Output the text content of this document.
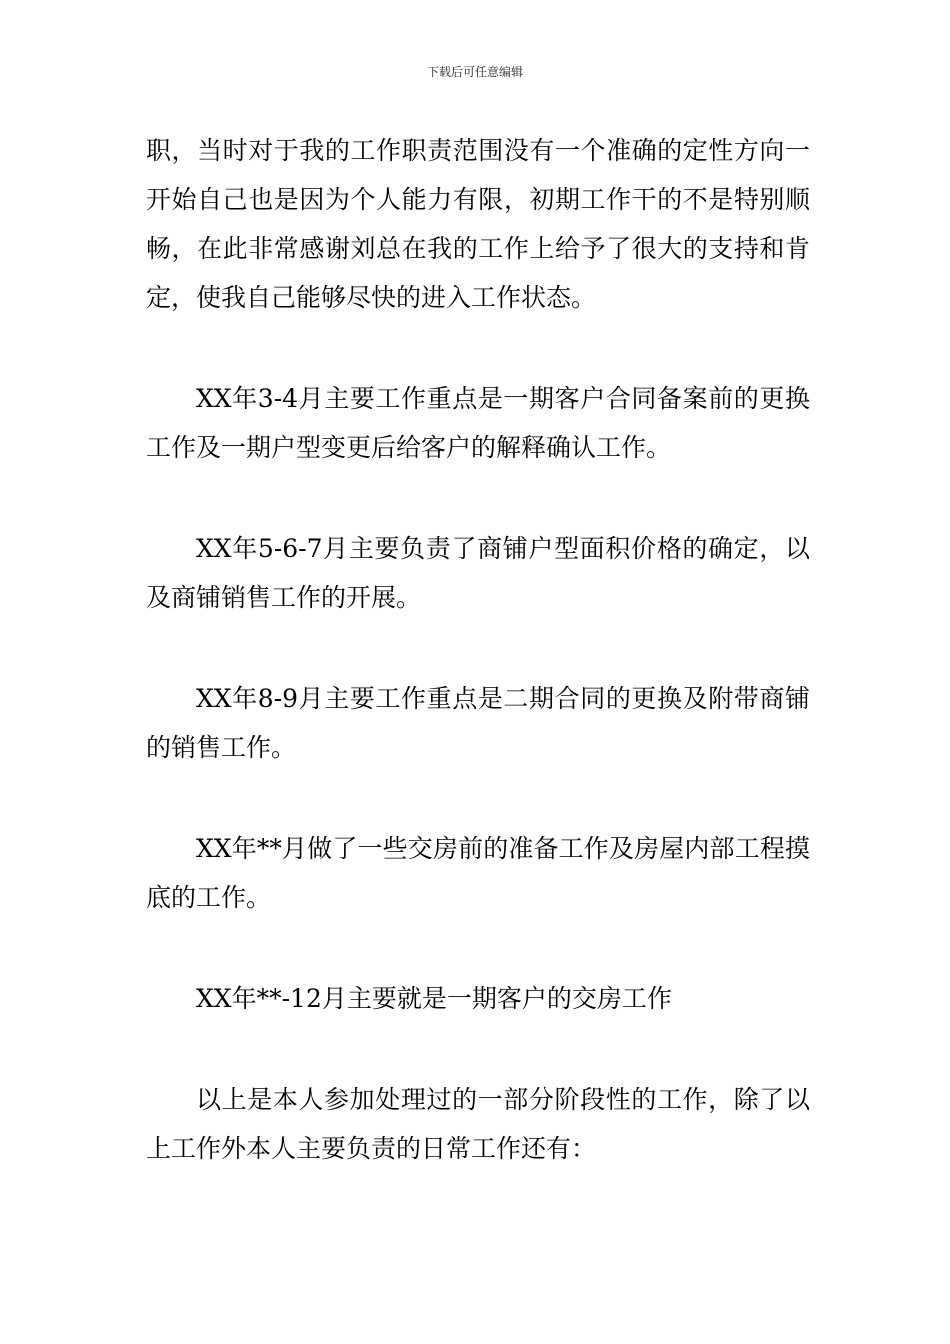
下载后可任意编辑

职，当时对于我的工作职责范围没有一个准确的定性方向一开始自己也是因为个人能力有限，初期工作干的不是特别顺畅，在此非常感谢刘总在我的工作上给予了很大的支持和肯定，使我自己能够尽快的进入工作状态。

XX年3-4月主要工作重点是一期客户合同备案前的更换工作及一期户型变更后给客户的解释确认工作。

XX年5-6-7月主要负责了商铺户型面积价格的确定，以及商铺销售工作的开展。

XX年8-9月主要工作重点是二期合同的更换及附带商铺的销售工作。

XX年**月做了一些交房前的准备工作及房屋内部工程摸底的工作。

XX年**-12月主要就是一期客户的交房工作

以上是本人参加处理过的一部分阶段性的工作，除了以上工作外本人主要负责的日常工作还有：
